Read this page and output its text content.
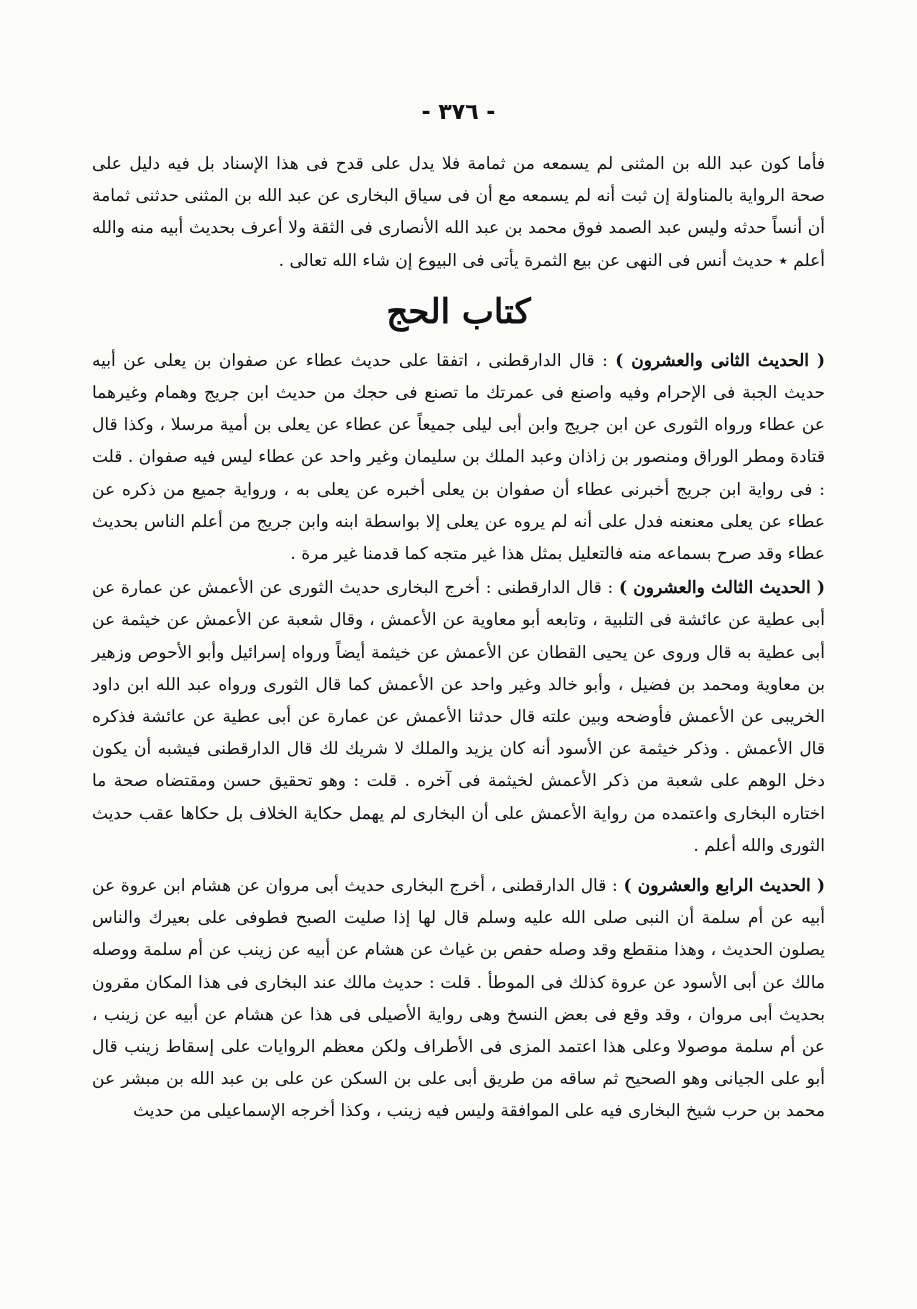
- ٣٧٦ -

فأما كون عبد الله بن المثنى لم يسمعه من ثمامة فلا يدل على قدح فى هذا الإسناد بل فيه دليل على صحة الرواية بالمناولة إن ثبت أنه لم يسمعه مع أن فى سياق البخارى عن عبد الله بن المثنى حدثنى ثمامة أن أنساً حدثه وليس عبد الصمد فوق محمد بن عبد الله الأنصارى فى الثقة ولا أعرف بحديث أبيه منه والله أعلم ٭ حديث أنس فى النهى عن بيع الثمرة يأتى فى البيوع إن شاء الله تعالى .

كتاب الحج

( الحديث الثانى والعشرون ) : قال الدارقطنى ، اتفقا على حديث عطاء عن صفوان بن يعلى عن أبيه حديث الجبة فى الإحرام وفيه واصنع فى عمرتك ما تصنع فى حجك من حديث ابن جريج وهمام وغيرهما عن عطاء ورواه الثورى عن ابن جريج وابن أبى ليلى جميعاً عن عطاء عن يعلى بن أمية مرسلا ، وكذا قال قتادة ومطر الوراق ومنصور بن زاذان وعبد الملك بن سليمان وغير واحد عن عطاء ليس فيه صفوان . قلت : فى رواية ابن جريج أخبرنى عطاء أن صفوان بن يعلى أخبره عن يعلى به ، ورواية جميع من ذكره عن عطاء عن يعلى معنعنه فدل على أنه لم يروه عن يعلى إلا بواسطة ابنه وابن جريج من أعلم الناس بحديث عطاء وقد صرح بسماعه منه فالتعليل بمثل هذا غير متجه كما قدمنا غير مرة .

( الحديث الثالث والعشرون ) : قال الدارقطنى : أخرج البخارى حديث الثورى عن الأعمش عن عمارة عن أبى عطية عن عائشة فى التلبية ، وتابعه أبو معاوية عن الأعمش ، وقال شعبة عن الأعمش عن خيثمة عن أبى عطية به قال وروى عن يحيى القطان عن الأعمش عن خيثمة أيضاً ورواه إسرائيل وأبو الأحوص وزهير بن معاوية ومحمد بن فضيل ، وأبو خالد وغير واحد عن الأعمش كما قال الثورى ورواه عبد الله ابن داود الخريبى عن الأعمش فأوضحه وبين علته قال حدثنا الأعمش عن عمارة عن أبى عطية عن عائشة فذكره قال الأعمش . وذكر خيثمة عن الأسود أنه كان يزيد والملك لا شريك لك قال الدارقطنى فيشبه أن يكون دخل الوهم على شعبة من ذكر الأعمش لخيثمة فى آخره . قلت : وهو تحقيق حسن ومقتضاه صحة ما اختاره البخارى واعتمده من رواية الأعمش على أن البخارى لم يهمل حكاية الخلاف بل حكاها عقب حديث الثورى والله أعلم .

( الحديث الرابع والعشرون ) : قال الدارقطنى ، أخرج البخارى حديث أبى مروان عن هشام ابن عروة عن أبيه عن أم سلمة أن النبى صلى الله عليه وسلم قال لها إذا صليت الصبح فطوفى على بعيرك والناس يصلون الحديث ، وهذا منقطع وقد وصله حفص بن غياث عن هشام عن أبيه عن زينب عن أم سلمة ووصله مالك عن أبى الأسود عن عروة كذلك فى الموطأ . قلت : حديث مالك عند البخارى فى هذا المكان مقرون بحديث أبى مروان ، وقد وقع فى بعض النسخ وهى رواية الأصيلى فى هذا عن هشام عن أبيه عن زينب ، عن أم سلمة موصولا وعلى هذا اعتمد المزى فى الأطراف ولكن معظم الروايات على إسقاط زينب قال أبو على الجيانى وهو الصحيح ثم ساقه من طريق أبى على بن السكن عن على بن عبد الله بن مبشر عن محمد بن حرب شيخ البخارى فيه على الموافقة وليس فيه زينب ، وكذا أخرجه الإسماعيلى من حديث
